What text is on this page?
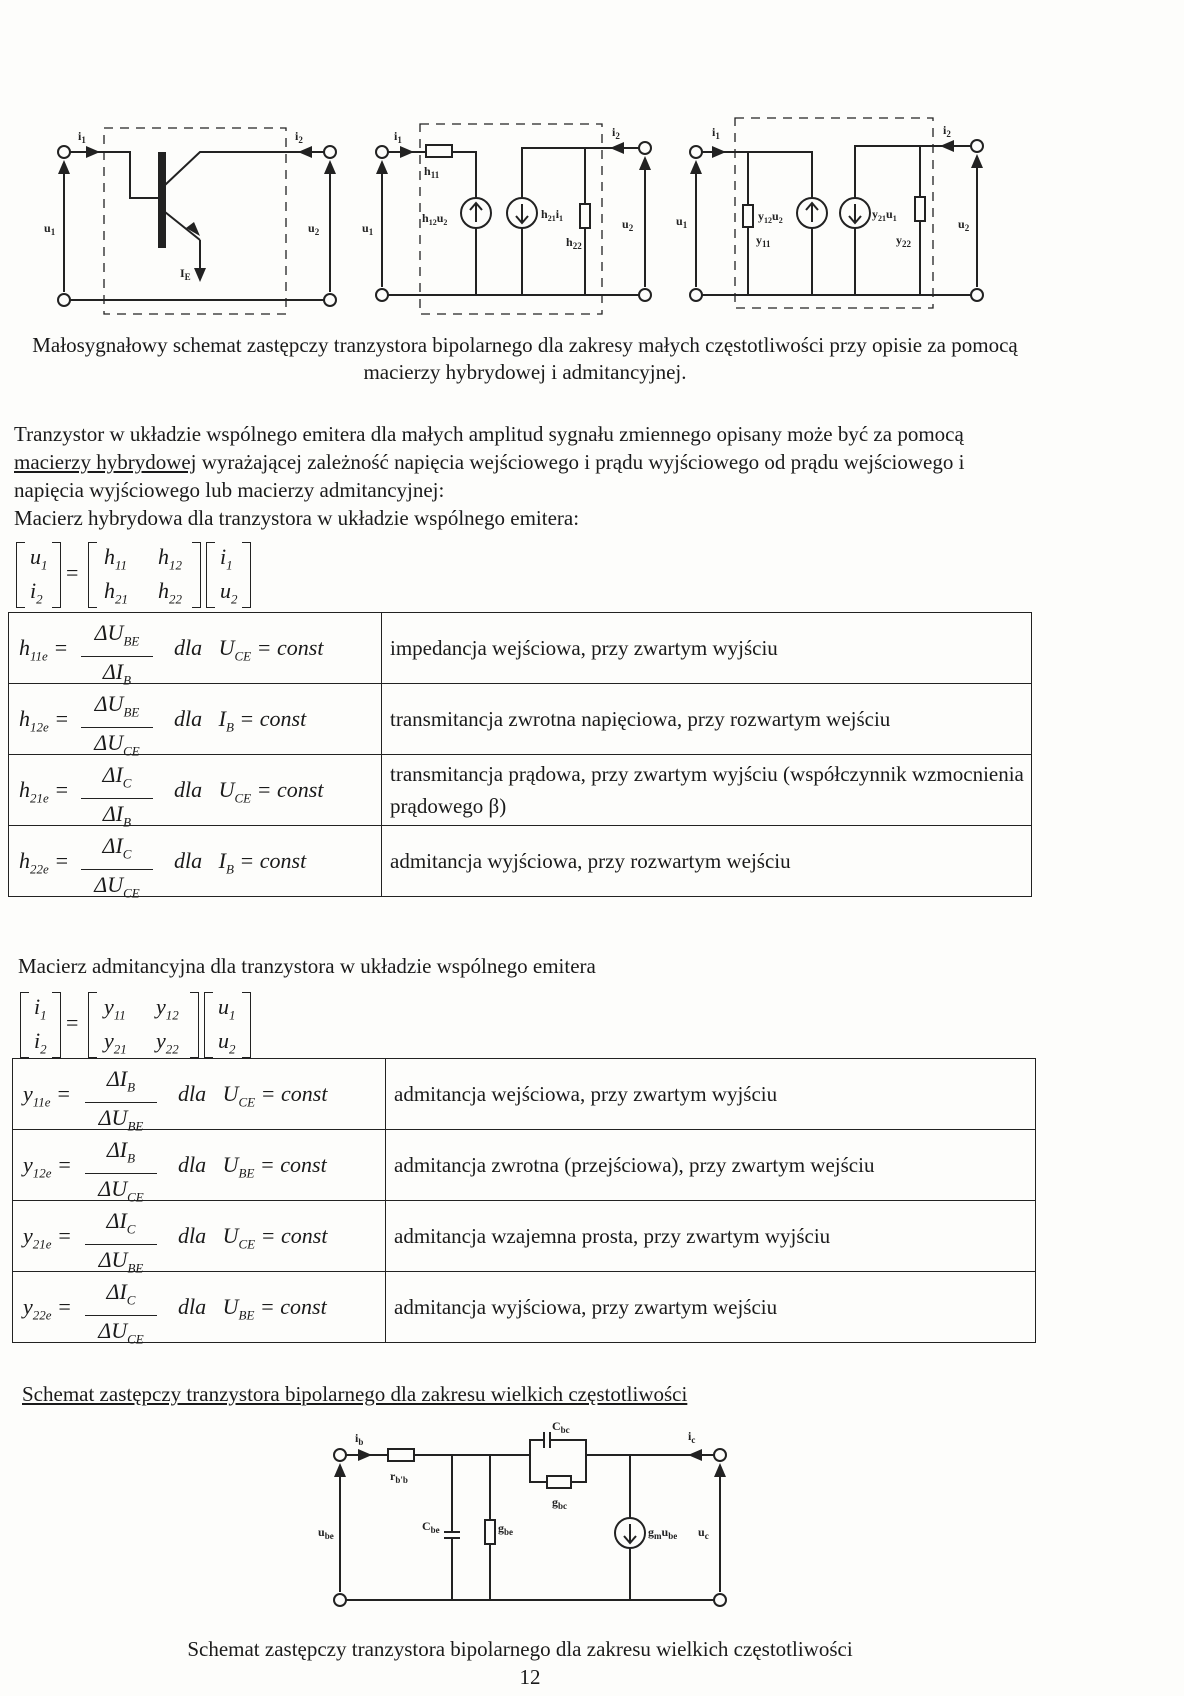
$i_1$	$i_2$
$u_1$	$u_2$
$I_E$
$i_1$
$i_2$
$u_1$
$u_2$
$h_{11}$
$h_{12}u_2$
$h_{21}i_1$
$h_{22}$
$i_1$	$i_2$
$u_1$	$u_2$
$y_{12}u_2$	$y_{21}u_1$
$y_{11}$	$y_{22}$
Małosygnałowy schemat zastępczy tranzystora bipolarnego dla zakresy małych częstotliwości przy opisie za pomocą macierzy hybrydowej i admitancyjnej.
Tranzystor w układzie wspólnego emitera dla małych amplitud sygnału zmiennego opisany może być za pomocą macierzy hybrydowej wyrażającej zależność napięcia wejściowego i prądu wyjściowego od prądu wejściowego i napięcia wyjściowego lub macierzy admitancyjnej:
Macierz hybrydowa dla tranzystora w układzie wspólnego emitera:
$u_1$
$i_2$
=
$h_{11}$ $h_{12}$
$h_{21}$ $h_{22}$
$i_1$
$u_2$
$h_{11e}$ =
$\Delta U_{BE}$
$\Delta I_B$
dla $U_{CE}$ = const	impedancja wejściowa, przy zwartym wyjściu

$h_{12e}$ =
$\Delta U_{BE}$
$\Delta U_{CE}$
dla $I_B$ = const	transmitancja zwrotna napięciowa, przy rozwartym wejściu

$h_{21e}$ =
$\Delta I_C$
$\Delta I_B$
dla $U_{CE}$ = const	transmitancja prądowa, przy zwartym wyjściu (współczynnik wzmocnienia prądowego β)

$h_{22e}$ =
$\Delta I_C$
$\Delta U_{CE}$
dla $I_B$ = const	admitancja wyjściowa, przy rozwartym wejściu
Macierz admitancyjna dla tranzystora w układzie wspólnego emitera
$i_1$
$i_2$
=
$y_{11}$ $y_{12}$
$y_{21}$ $y_{22}$
$u_1$
$u_2$
$y_{11e}$ =
$\Delta I_B$
$\Delta U_{BE}$
dla $U_{CE}$ = const	admitancja wejściowa, przy zwartym wyjściu

$y_{12e}$ =
$\Delta I_B$
$\Delta U_{CE}$
dla $U_{BE}$ = const	admitancja zwrotna (przejściowa), przy zwartym wejściu

$y_{21e}$ =
$\Delta I_C$
$\Delta U_{BE}$
dla $U_{CE}$ = const	admitancja wzajemna prosta, przy zwartym wyjściu

$y_{22e}$ =
$\Delta I_C$
$\Delta U_{CE}$
dla $U_{BE}$ = const	admitancja wyjściowa, przy zwartym wejściu
Schemat zastępczy tranzystora bipolarnego dla zakresu wielkich częstotliwości
$i_b$	$i_c$
$r_{b'b}$
$C_{bc}$
$g_{bc}$
$C_{be}$	$g_{be}$	$g_mu_{be}$
$u_{be}$	$u_c$
Schemat zastępczy tranzystora bipolarnego dla zakresu wielkich częstotliwości
12
